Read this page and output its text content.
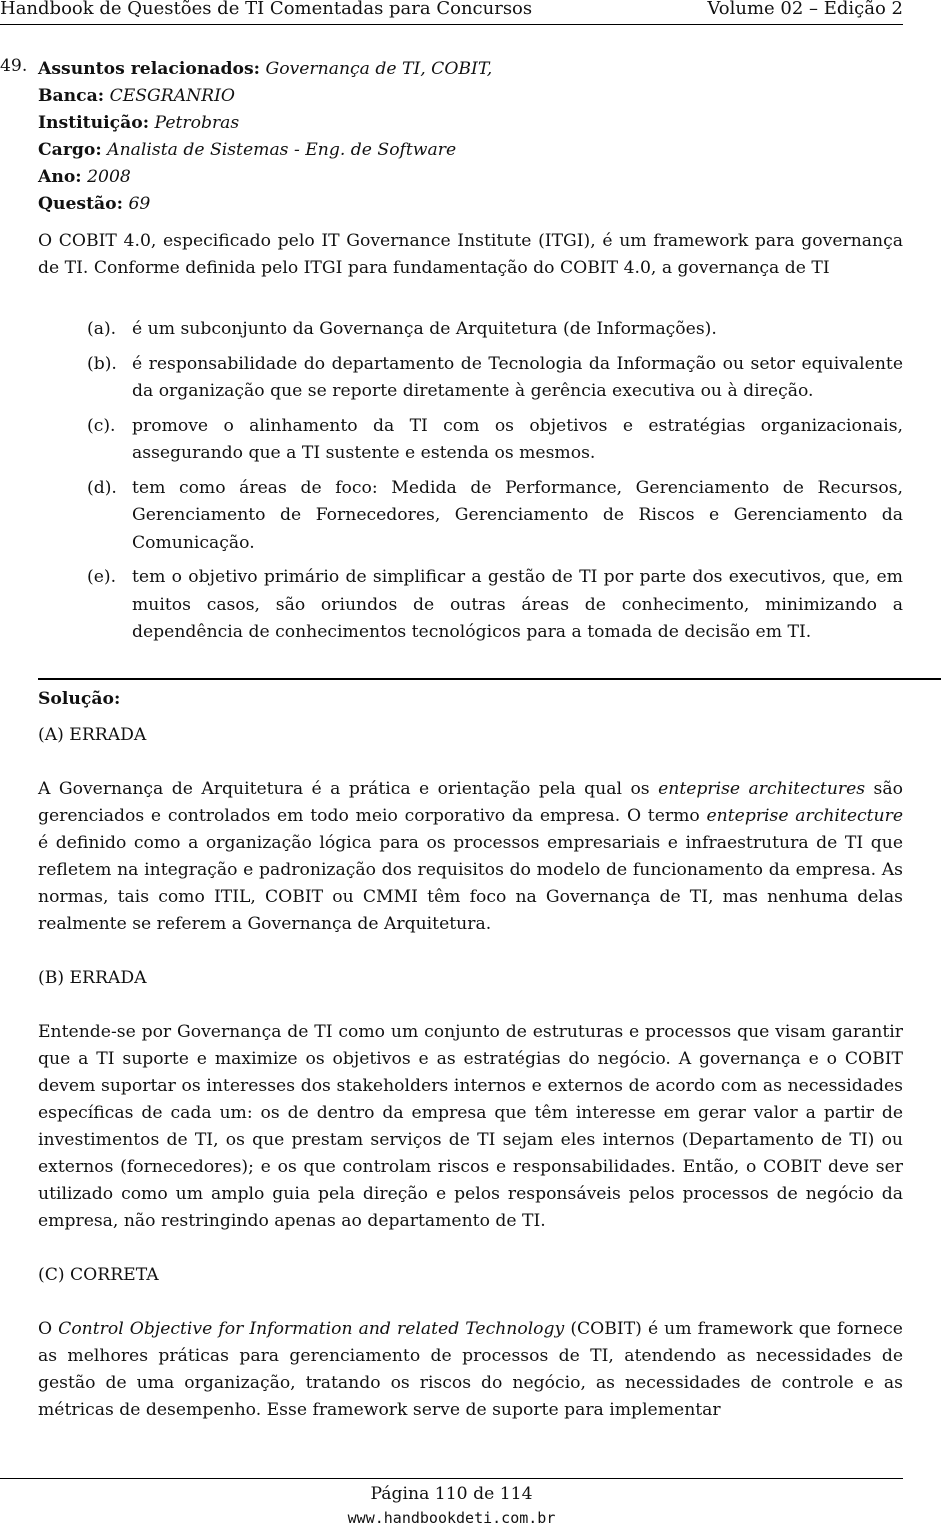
Handbook de Questões de TI Comentadas para Concursos	Volume 02 – Edição 2
49. Assuntos relacionados: Governança de TI, COBIT,
Banca: CESGRANRIO
Instituição: Petrobras
Cargo: Analista de Sistemas - Eng. de Software
Ano: 2008
Questão: 69
O COBIT 4.0, especificado pelo IT Governance Institute (ITGI), é um framework para governança de TI. Conforme definida pelo ITGI para fundamentação do COBIT 4.0, a governança de TI
(a). é um subconjunto da Governança de Arquitetura (de Informações).
(b). é responsabilidade do departamento de Tecnologia da Informação ou setor equivalente da organização que se reporte diretamente à gerência executiva ou à direção.
(c). promove o alinhamento da TI com os objetivos e estratégias organizacionais, assegurando que a TI sustente e estenda os mesmos.
(d). tem como áreas de foco: Medida de Performance, Gerenciamento de Recursos, Gerenciamento de Fornecedores, Gerenciamento de Riscos e Gerenciamento da Comunicação.
(e). tem o objetivo primário de simplificar a gestão de TI por parte dos executivos, que, em muitos casos, são oriundos de outras áreas de conhecimento, minimizando a dependência de conhecimentos tecnológicos para a tomada de decisão em TI.
Solução:
(A) ERRADA
A Governança de Arquitetura é a prática e orientação pela qual os enteprise architectures são gerenciados e controlados em todo meio corporativo da empresa. O termo enteprise architecture é definido como a organização lógica para os processos empresariais e infraestrutura de TI que refletem na integração e padronização dos requisitos do modelo de funcionamento da empresa. As normas, tais como ITIL, COBIT ou CMMI têm foco na Governança de TI, mas nenhuma delas realmente se referem a Governança de Arquitetura.
(B) ERRADA
Entende-se por Governança de TI como um conjunto de estruturas e processos que visam garantir que a TI suporte e maximize os objetivos e as estratégias do negócio. A governança e o COBIT devem suportar os interesses dos stakeholders internos e externos de acordo com as necessidades específicas de cada um: os de dentro da empresa que têm interesse em gerar valor a partir de investimentos de TI, os que prestam serviços de TI sejam eles internos (Departamento de TI) ou externos (fornecedores); e os que controlam riscos e responsabilidades. Então, o COBIT deve ser utilizado como um amplo guia pela direção e pelos responsáveis pelos processos de negócio da empresa, não restringindo apenas ao departamento de TI.
(C) CORRETA
O Control Objective for Information and related Technology (COBIT) é um framework que fornece as melhores práticas para gerenciamento de processos de TI, atendendo as necessidades de gestão de uma organização, tratando os riscos do negócio, as necessidades de controle e as métricas de desempenho. Esse framework serve de suporte para implementar
Página 110 de 114
www.handbookdeti.com.br
